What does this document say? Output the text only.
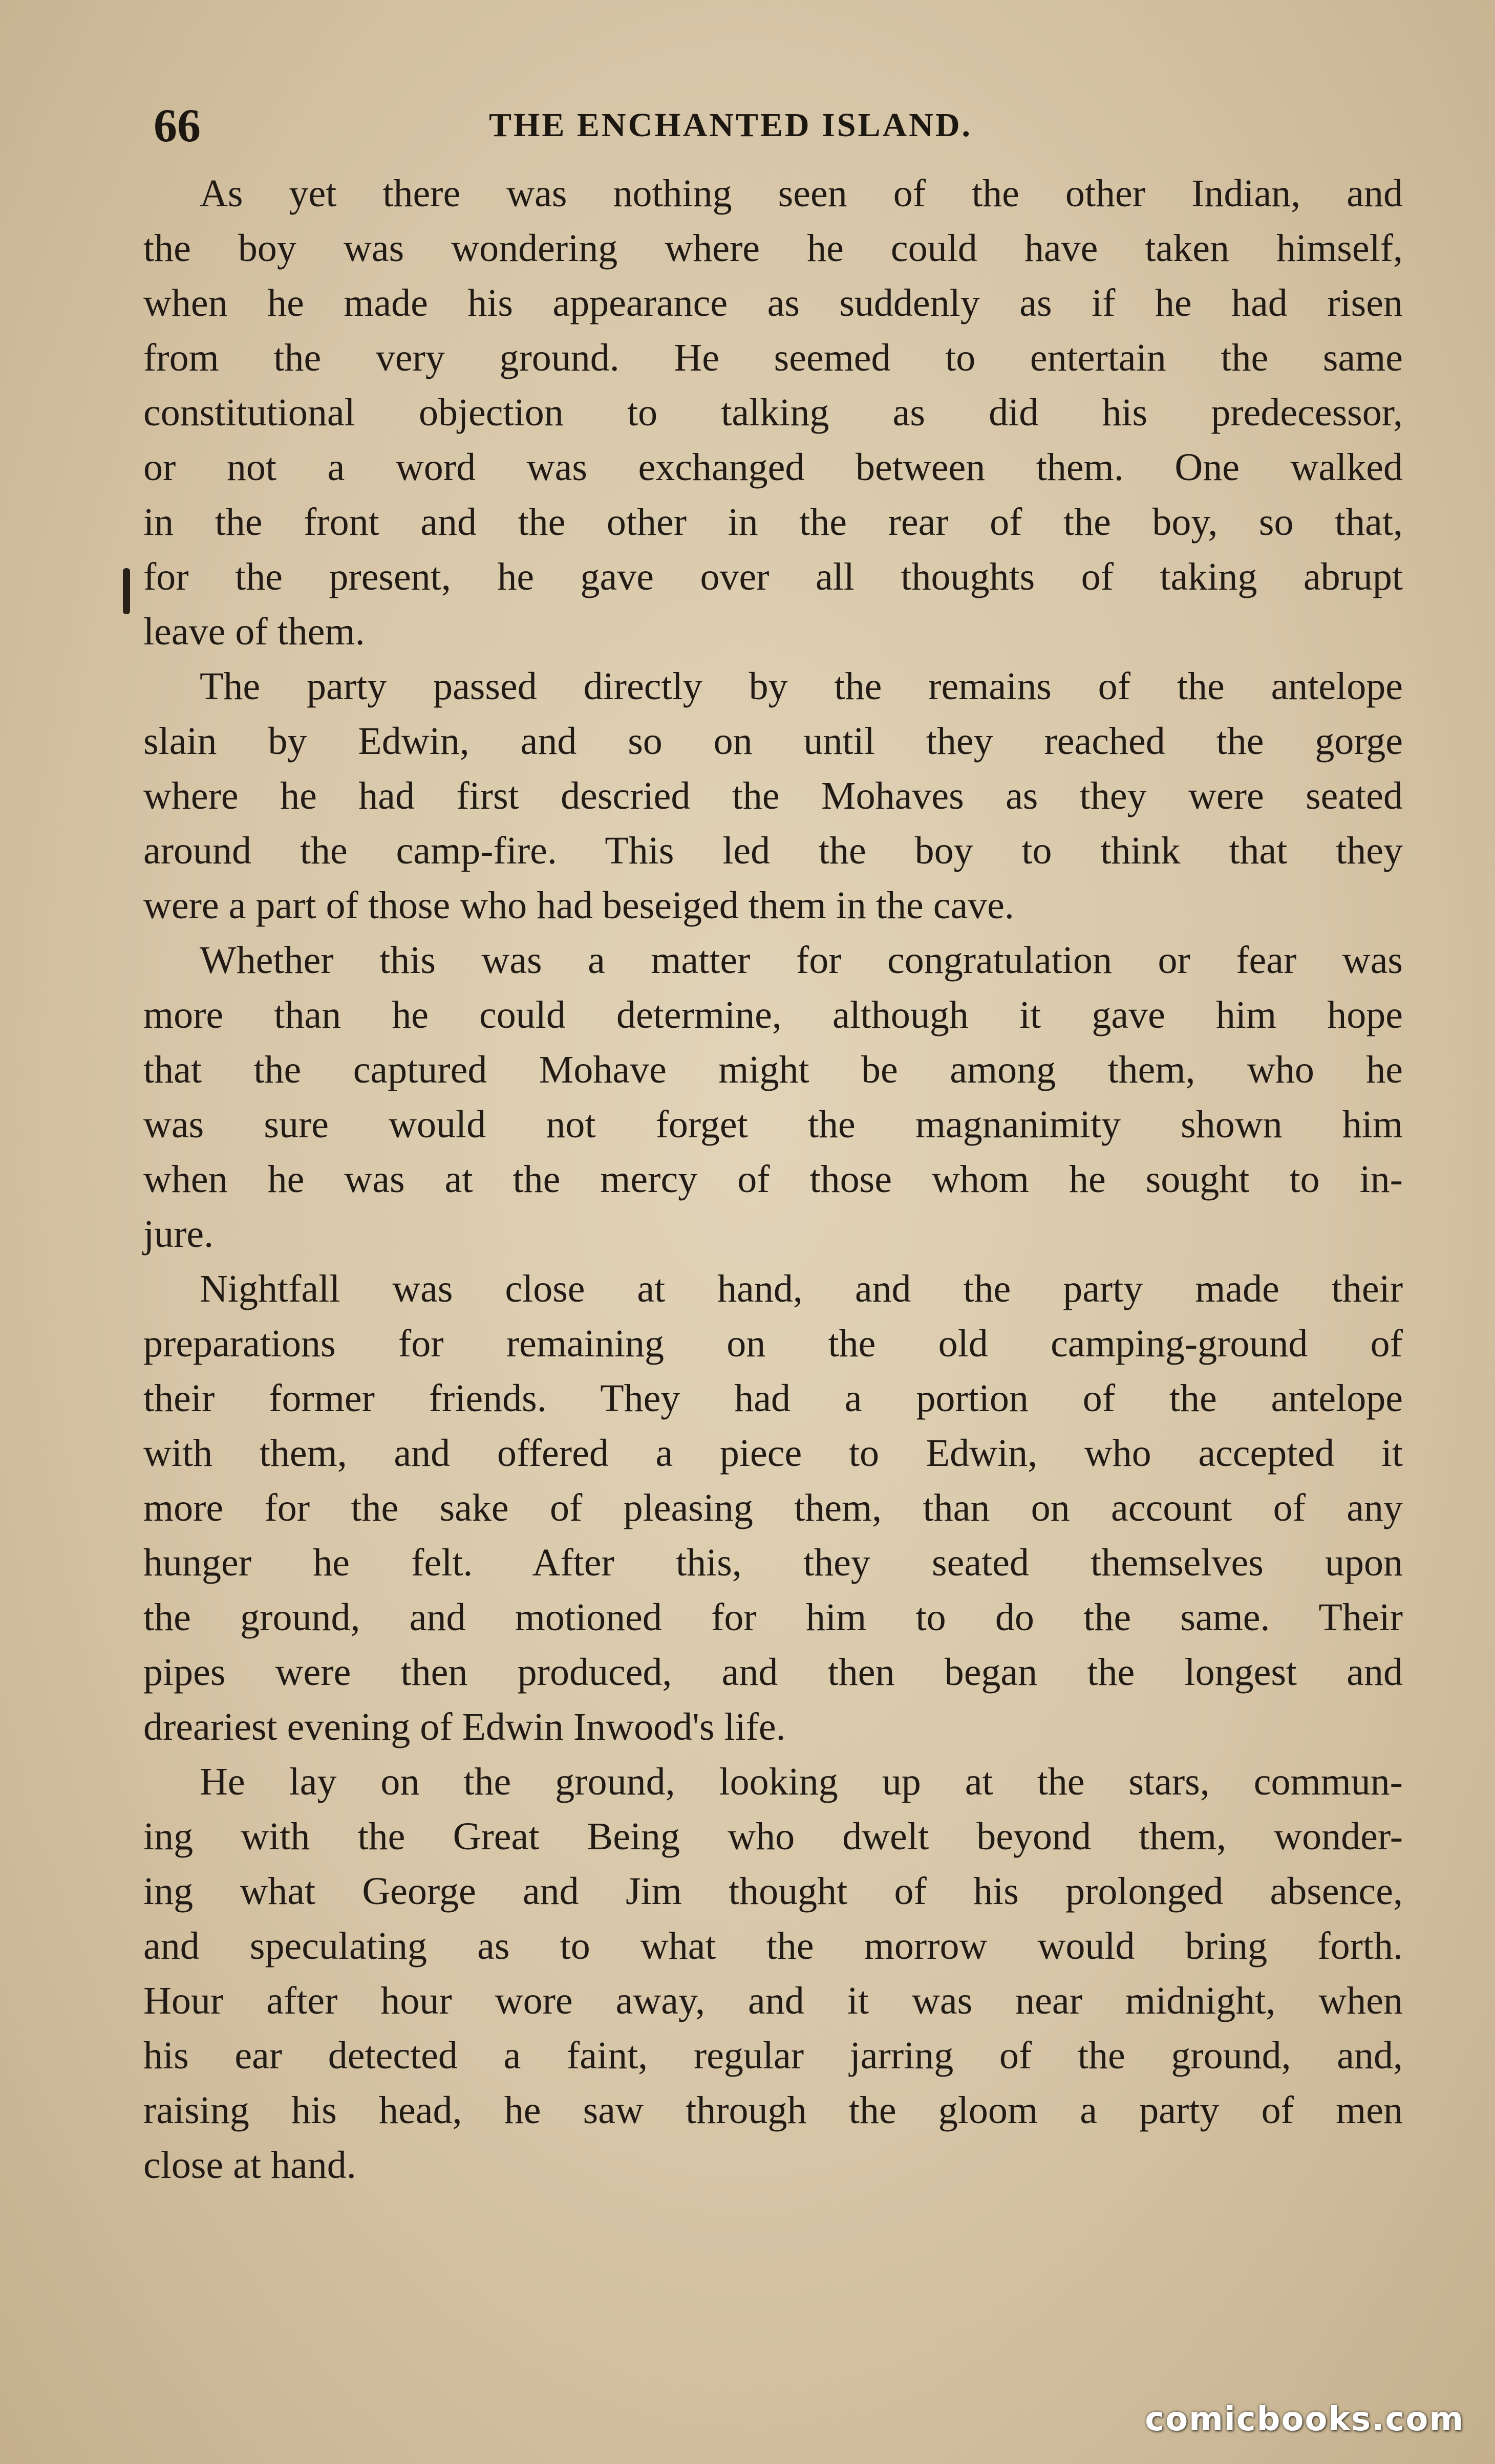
66	THE ENCHANTED ISLAND.
As yet there was nothing seen of the other Indian, and
the boy was wondering where he could have taken himself,
when he made his appearance as suddenly as if he had risen
from the very ground. He seemed to entertain the same
constitutional objection to talking as did his predecessor,
or not a word was exchanged between them. One walked
in the front and the other in the rear of the boy, so that,
for the present, he gave over all thoughts of taking abrupt
leave of them.
The party passed directly by the remains of the antelope
slain by Edwin, and so on until they reached the gorge
where he had first descried the Mohaves as they were seated
around the camp-fire. This led the boy to think that they
were a part of those who had beseiged them in the cave.
Whether this was a matter for congratulation or fear was
more than he could determine, although it gave him hope
that the captured Mohave might be among them, who he
was sure would not forget the magnanimity shown him
when he was at the mercy of those whom he sought to in-
jure.
Nightfall was close at hand, and the party made their
preparations for remaining on the old camping-ground of
their former friends. They had a portion of the antelope
with them, and offered a piece to Edwin, who accepted it
more for the sake of pleasing them, than on account of any
hunger he felt. After this, they seated themselves upon
the ground, and motioned for him to do the same. Their
pipes were then produced, and then began the longest and
dreariest evening of Edwin Inwood's life.
He lay on the ground, looking up at the stars, commun-
ing with the Great Being who dwelt beyond them, wonder-
ing what George and Jim thought of his prolonged absence,
and speculating as to what the morrow would bring forth.
Hour after hour wore away, and it was near midnight, when
his ear detected a faint, regular jarring of the ground, and,
raising his head, he saw through the gloom a party of men
close at hand.
comicbooks.com
